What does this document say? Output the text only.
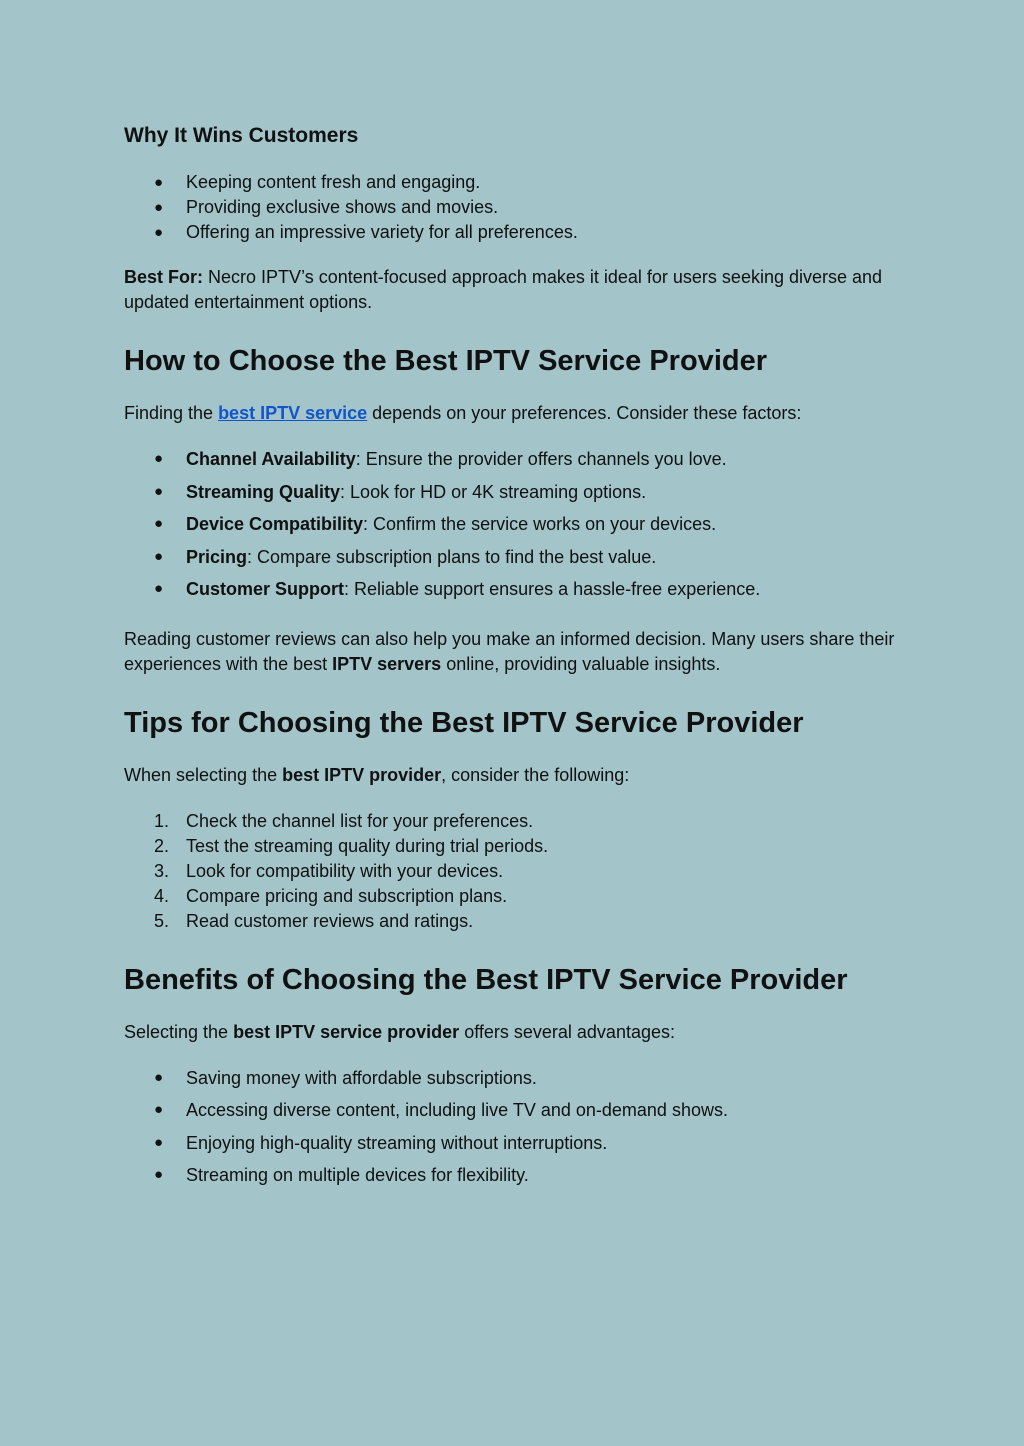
Why It Wins Customers
● Keeping content fresh and engaging.
● Providing exclusive shows and movies.
● Offering an impressive variety for all preferences.

Best For: Necro IPTV’s content-focused approach makes it ideal for users seeking diverse and updated entertainment options.

How to Choose the Best IPTV Service Provider

Finding the best IPTV service depends on your preferences. Consider these factors:

● Channel Availability: Ensure the provider offers channels you love.
● Streaming Quality: Look for HD or 4K streaming options.
● Device Compatibility: Confirm the service works on your devices.
● Pricing: Compare subscription plans to find the best value.
● Customer Support: Reliable support ensures a hassle-free experience.

Reading customer reviews can also help you make an informed decision. Many users share their experiences with the best IPTV servers online, providing valuable insights.

Tips for Choosing the Best IPTV Service Provider

When selecting the best IPTV provider, consider the following:

1. Check the channel list for your preferences.
2. Test the streaming quality during trial periods.
3. Look for compatibility with your devices.
4. Compare pricing and subscription plans.
5. Read customer reviews and ratings.
Benefits of Choosing the Best IPTV Service Provider

Selecting the best IPTV service provider offers several advantages:

● Saving money with affordable subscriptions.
● Accessing diverse content, including live TV and on-demand shows.
● Enjoying high-quality streaming without interruptions.
● Streaming on multiple devices for flexibility.
